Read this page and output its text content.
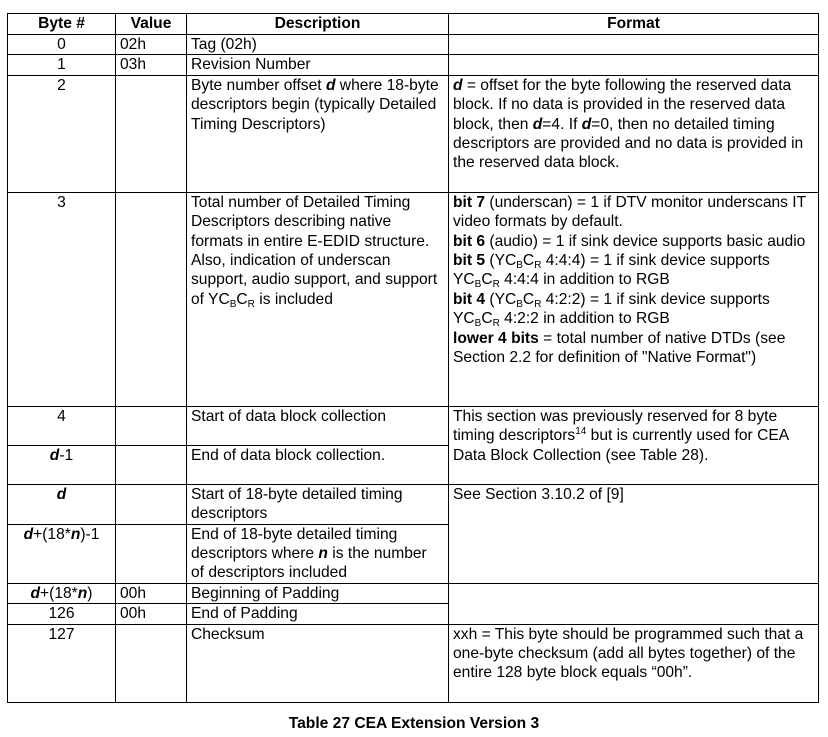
Byte #	Value	Description	Format
0	02h	Tag (02h)	
1	03h	Revision Number	
2		Byte number offset d where 18-byte descriptors begin (typically Detailed Timing Descriptors)	d = offset for the byte following the reserved data block. If no data is provided in the reserved data block, then d=4. If d=0, then no detailed timing descriptors are provided and no data is provided in the reserved data block.
3		Total number of Detailed Timing Descriptors describing native formats in entire E-EDID structure. Also, indication of underscan support, audio support, and support of $YC_BC_R$ is included	bit 7 (underscan) = 1 if DTV monitor underscans IT video formats by default.
bit 6 (audio) = 1 if sink device supports basic audio
bit 5 ($YC_BC_R$ 4:4:4) = 1 if sink device supports $YC_BC_R$ 4:4:4 in addition to RGB
bit 4 ($YC_BC_R$ 4:2:2) = 1 if sink device supports $YC_BC_R$ 4:2:2 in addition to RGB
lower 4 bits = total number of native DTDs (see Section 2.2 for definition of "Native Format")
4		Start of data block collection	This section was previously reserved for 8 byte timing descriptors$^{14}$ but is currently used for CEA Data Block Collection (see Table 28).
d-1		End of data block collection.	
d		Start of 18-byte detailed timing descriptors	See Section 3.10.2 of [9]
d+(18*n)-1		End of 18-byte detailed timing descriptors where n is the number of descriptors included	
d+(18*n)	00h	Beginning of Padding	
126	00h	End of Padding	
127		Checksum	xxh = This byte should be programmed such that a one-byte checksum (add all bytes together) of the entire 128 byte block equals “00h”.
Table 27 CEA Extension Version 3
